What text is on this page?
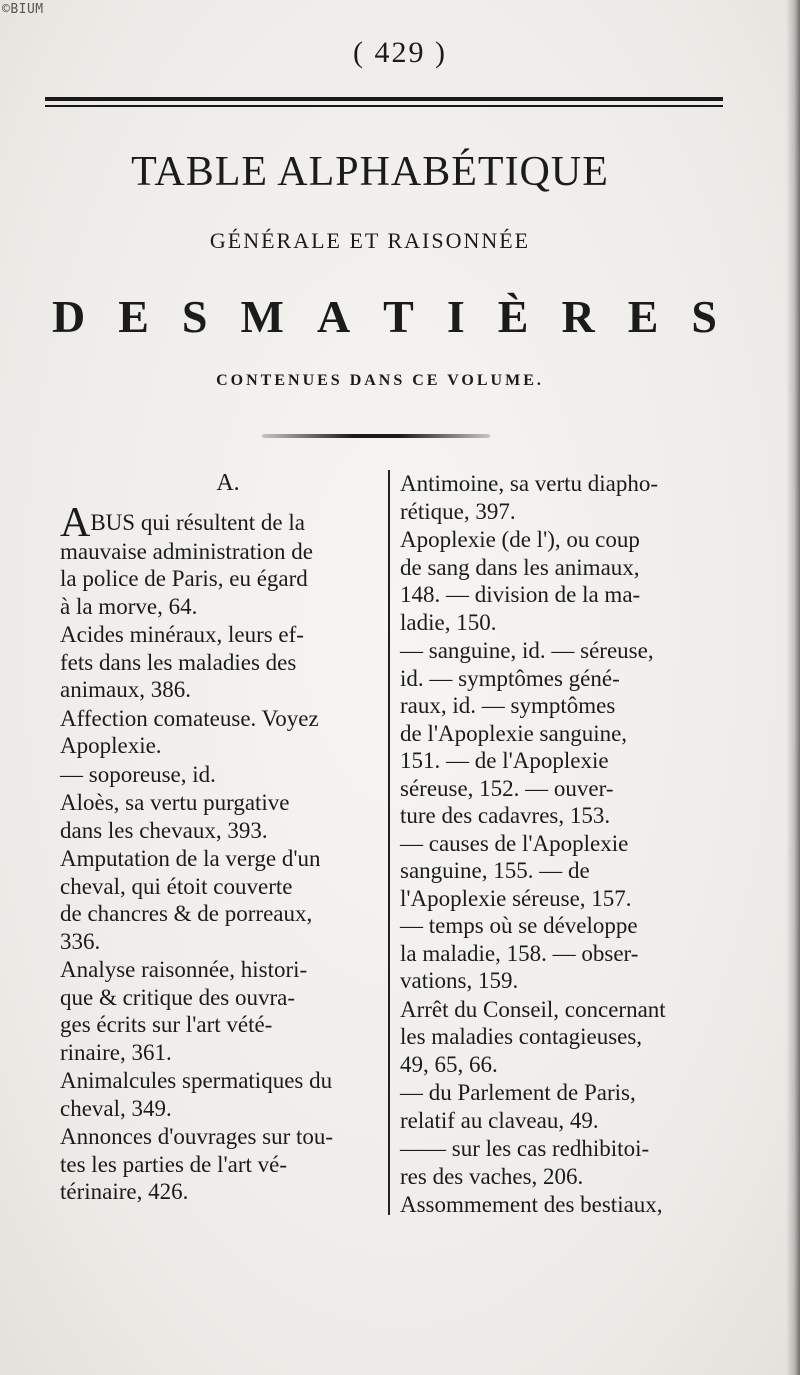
©BIUM
( 429 )
TABLE ALPHABÉTIQUE
GÉNÉRALE ET RAISONNÉE
D E S M A T I È R E S
CONTENUES DANS CE VOLUME.
A.
ABUS qui résultent de la
mauvaise administration de
la police de Paris, eu égard
à la morve, 64.
Acides minéraux, leurs ef-
fets dans les maladies des
animaux, 386.
Affection comateuse. Voyez
Apoplexie.
— soporeuse, id.
Aloès, sa vertu purgative
dans les chevaux, 393.
Amputation de la verge d'un
cheval, qui étoit couverte
de chancres & de porreaux,
336.
Analyse raisonnée, histori-
que & critique des ouvra-
ges écrits sur l'art vété-
rinaire, 361.
Animalcules spermatiques du
cheval, 349.
Annonces d'ouvrages sur tou-
tes les parties de l'art vé-
térinaire, 426.
Antimoine, sa vertu diapho-
rétique, 397.
Apoplexie (de l'), ou coup
de sang dans les animaux,
148. — division de la ma-
ladie, 150.
— sanguine, id. — séreuse,
id. — symptômes géné-
raux, id. — symptômes
de l'Apoplexie sanguine,
151. — de l'Apoplexie
séreuse, 152. — ouver-
ture des cadavres, 153.
— causes de l'Apoplexie
sanguine, 155. — de
l'Apoplexie séreuse, 157.
— temps où se développe
la maladie, 158. — obser-
vations, 159.
Arrêt du Conseil, concernant
les maladies contagieuses,
49, 65, 66.
— du Parlement de Paris,
relatif au claveau, 49.
—— sur les cas redhibitoi-
res des vaches, 206.
Assommement des bestiaux,
